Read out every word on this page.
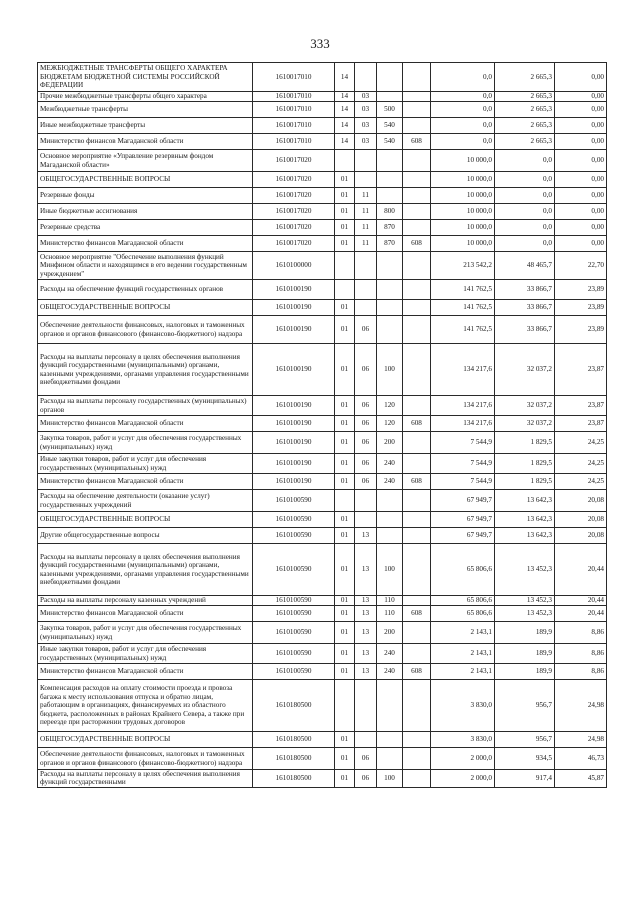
333
МЕЖБЮДЖЕТНЫЕ ТРАНСФЕРТЫ ОБЩЕГО ХАРАКТЕРА БЮДЖЕТАМ БЮДЖЕТНОЙ СИСТЕМЫ РОССИЙСКОЙ ФЕДЕРАЦИИ	1610017010	14				0,0	2 665,3	0,00
Прочие межбюджетные трансферты общего характера	1610017010	14	03			0,0	2 665,3	0,00
Межбюджетные трансферты	1610017010	14	03	500		0,0	2 665,3	0,00
Иные межбюджетные трансферты	1610017010	14	03	540		0,0	2 665,3	0,00
Министерство финансов Магаданской области	1610017010	14	03	540	608	0,0	2 665,3	0,00
Основное мероприятие «Управление резервным фондом Магаданской области»	1610017020					10 000,0	0,0	0,00
ОБЩЕГОСУДАРСТВЕННЫЕ ВОПРОСЫ	1610017020	01				10 000,0	0,0	0,00
Резервные фонды	1610017020	01	11			10 000,0	0,0	0,00
Иные бюджетные ассигнования	1610017020	01	11	800		10 000,0	0,0	0,00
Резервные средства	1610017020	01	11	870		10 000,0	0,0	0,00
Министерство финансов Магаданской области	1610017020	01	11	870	608	10 000,0	0,0	0,00
Основное мероприятие "Обеспечение выполнения функций Минфином области и находящимся в его ведении государственным учреждением"	1610100000					213 542,2	48 465,7	22,70
Расходы на обеспечение функций государственных органов	1610100190					141 762,5	33 866,7	23,89
ОБЩЕГОСУДАРСТВЕННЫЕ ВОПРОСЫ	1610100190	01				141 762,5	33 866,7	23,89
Обеспечение деятельности финансовых, налоговых и таможенных органов и органов финансового (финансово-бюджетного) надзора	1610100190	01	06			141 762,5	33 866,7	23,89
Расходы на выплаты персоналу в целях обеспечения выполнения функций государственными (муниципальными) органами, казенными учреждениями, органами управления государственными внебюджетными фондами	1610100190	01	06	100		134 217,6	32 037,2	23,87
Расходы на выплаты персоналу государственных (муниципальных) органов	1610100190	01	06	120		134 217,6	32 037,2	23,87
Министерство финансов Магаданской области	1610100190	01	06	120	608	134 217,6	32 037,2	23,87
Закупка товаров, работ и услуг для обеспечения государственных (муниципальных) нужд	1610100190	01	06	200		7 544,9	1 829,5	24,25
Иные закупки товаров, работ и услуг для обеспечения государственных (муниципальных) нужд	1610100190	01	06	240		7 544,9	1 829,5	24,25
Министерство финансов Магаданской области	1610100190	01	06	240	608	7 544,9	1 829,5	24,25
Расходы на обеспечение деятельности (оказание услуг) государственных учреждений	1610100590					67 949,7	13 642,3	20,08
ОБЩЕГОСУДАРСТВЕННЫЕ ВОПРОСЫ	1610100590	01				67 949,7	13 642,3	20,08
Другие общегосударственные вопросы	1610100590	01	13			67 949,7	13 642,3	20,08
Расходы на выплаты персоналу в целях обеспечения выполнения функций государственными (муниципальными) органами, казенными учреждениями, органами управления государственными внебюджетными фондами	1610100590	01	13	100		65 806,6	13 452,3	20,44
Расходы на выплаты персоналу казенных учреждений	1610100590	01	13	110		65 806,6	13 452,3	20,44
Министерство финансов Магаданской области	1610100590	01	13	110	608	65 806,6	13 452,3	20,44
Закупка товаров, работ и услуг для обеспечения государственных (муниципальных) нужд	1610100590	01	13	200		2 143,1	189,9	8,86
Иные закупки товаров, работ и услуг для обеспечения государственных (муниципальных) нужд	1610100590	01	13	240		2 143,1	189,9	8,86
Министерство финансов Магаданской области	1610100590	01	13	240	608	2 143,1	189,9	8,86
Компенсация расходов на оплату стоимости проезда и провоза багажа к месту использования отпуска и обратно лицам, работающим в организациях, финансируемых из областного бюджета, расположенных в районах Крайнего Севера, а также при переезде при расторжении трудовых договоров	1610180500					3 830,0	956,7	24,98
ОБЩЕГОСУДАРСТВЕННЫЕ ВОПРОСЫ	1610180500	01				3 830,0	956,7	24,98
Обеспечение деятельности финансовых, налоговых и таможенных органов и органов финансового (финансово-бюджетного) надзора	1610180500	01	06			2 000,0	934,5	46,73
Расходы на выплаты персоналу в целях обеспечения выполнения функций государственными	1610180500	01	06	100		2 000,0	917,4	45,87
